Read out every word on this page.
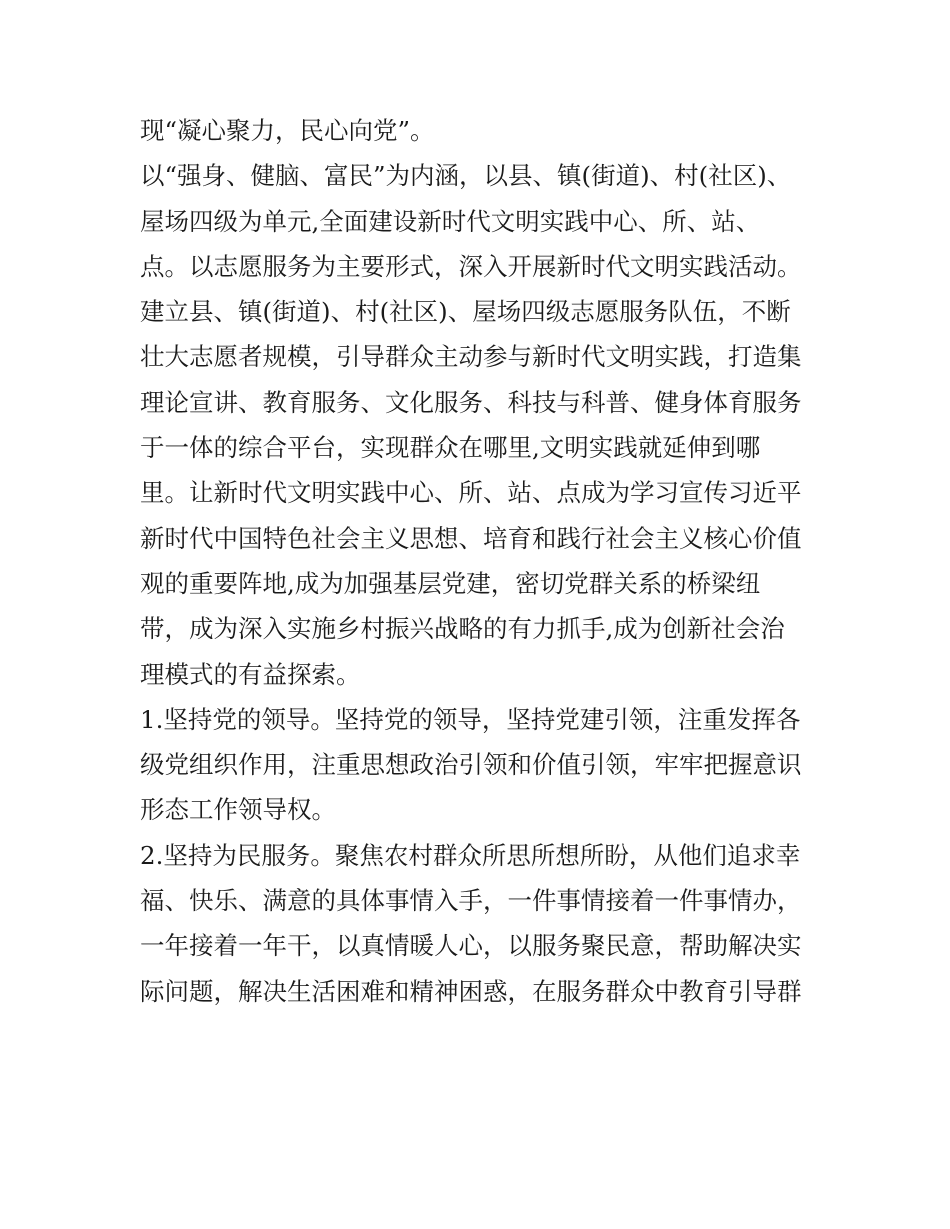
现“凝心聚力，民心向党”。
以“强身、健脑、富民”为内涵，以县、镇(街道)、村(社区)、
屋场四级为单元,全面建设新时代文明实践中心、所、站、
点。以志愿服务为主要形式，深入开展新时代文明实践活动。
建立县、镇(街道)、村(社区)、屋场四级志愿服务队伍，不断
壮大志愿者规模，引导群众主动参与新时代文明实践，打造集
理论宣讲、教育服务、文化服务、科技与科普、健身体育服务
于一体的综合平台，实现群众在哪里,文明实践就延伸到哪
里。让新时代文明实践中心、所、站、点成为学习宣传习近平
新时代中国特色社会主义思想、培育和践行社会主义核心价值
观的重要阵地,成为加强基层党建，密切党群关系的桥梁纽
带，成为深入实施乡村振兴战略的有力抓手,成为创新社会治
理模式的有益探索。
1.坚持党的领导。坚持党的领导，坚持党建引领，注重发挥各
级党组织作用，注重思想政治引领和价值引领，牢牢把握意识
形态工作领导权。
2.坚持为民服务。聚焦农村群众所思所想所盼，从他们追求幸
福、快乐、满意的具体事情入手，一件事情接着一件事情办，
一年接着一年干，以真情暖人心，以服务聚民意，帮助解决实
际问题，解决生活困难和精神困惑，在服务群众中教育引导群
